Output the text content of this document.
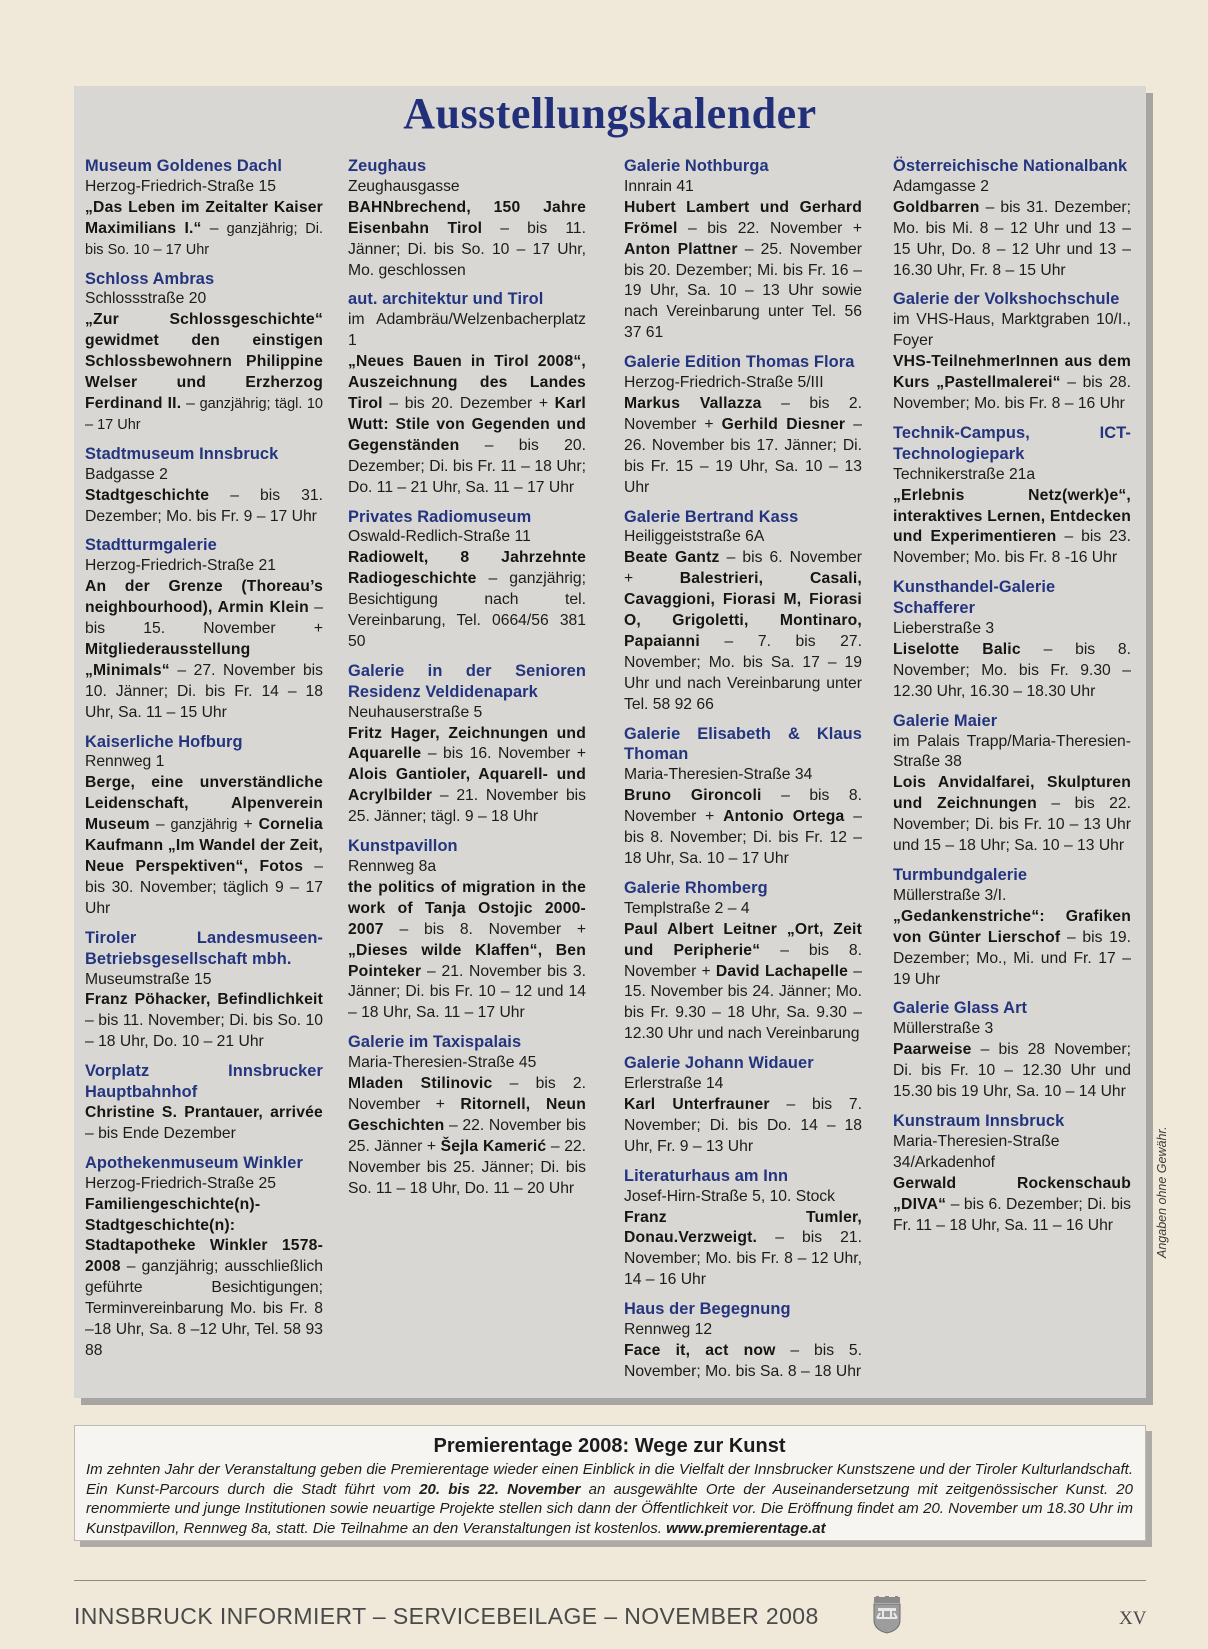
Ausstellungskalender
Museum Goldenes Dachl
Herzog-Friedrich-Straße 15
„Das Leben im Zeitalter Kaiser Maximilians I.“ – ganzjährig; Di. bis So. 10 – 17 Uhr
Schloss Ambras
Schlossstraße 20
„Zur Schlossgeschichte“ gewidmet den einstigen Schlossbewohnern Philippine Welser und Erzherzog Ferdinand II. – ganzjährig; tägl. 10 – 17 Uhr
Stadtmuseum Innsbruck
Badgasse 2
Stadtgeschichte – bis 31. Dezember; Mo. bis Fr. 9 – 17 Uhr
Stadtturmgalerie
Herzog-Friedrich-Straße 21
An der Grenze (Thoreau’s neighbourhood), Armin Klein – bis 15. November + Mitgliederausstellung „Minimals“ – 27. November bis 10. Jänner; Di. bis Fr. 14 – 18 Uhr, Sa. 11 – 15 Uhr
Kaiserliche Hofburg
Rennweg 1
Berge, eine unverständliche Leidenschaft, Alpenverein Museum – ganzjährig + Cornelia Kaufmann „Im Wandel der Zeit, Neue Perspektiven“, Fotos – bis 30. November; täglich 9 – 17 Uhr
Tiroler Landesmuseen-Betriebsgesellschaft mbh.
Museumstraße 15
Franz Pöhacker, Befindlichkeit – bis 11. November; Di. bis So. 10 – 18 Uhr, Do. 10 – 21 Uhr
Vorplatz Innsbrucker Hauptbahnhof
Christine S. Prantauer, arrivée – bis Ende Dezember
Apothekenmuseum Winkler
Herzog-Friedrich-Straße 25
Familiengeschichte(n)-Stadtgeschichte(n): Stadtapotheke Winkler 1578-2008 – ganzjährig; ausschließlich geführte Besichtigungen; Terminvereinbarung Mo. bis Fr. 8 –18 Uhr, Sa. 8 –12 Uhr, Tel. 58 93 88
Zeughaus
Zeughausgasse
BAHNbrechend, 150 Jahre Eisenbahn Tirol – bis 11. Jänner; Di. bis So. 10 – 17 Uhr, Mo. geschlossen
aut. architektur und Tirol
im Adambräu/Welzenbacherplatz 1
„Neues Bauen in Tirol 2008“, Auszeichnung des Landes Tirol – bis 20. Dezember + Karl Wutt: Stile von Gegenden und Gegenständen – bis 20. Dezember; Di. bis Fr. 11 – 18 Uhr; Do. 11 – 21 Uhr, Sa. 11 – 17 Uhr
Privates Radiomuseum
Oswald-Redlich-Straße 11
Radiowelt, 8 Jahrzehnte Radiogeschichte – ganzjährig; Besichtigung nach tel. Vereinbarung, Tel. 0664/56 381 50
Galerie in der Senioren Residenz Veldidenapark
Neuhauserstraße 5
Fritz Hager, Zeichnungen und Aquarelle – bis 16. November + Alois Gantioler, Aquarell- und Acrylbilder – 21. November bis 25. Jänner; tägl. 9 – 18 Uhr
Kunstpavillon
Rennweg 8a
the politics of migration in the work of Tanja Ostojic 2000-2007 – bis 8. November + „Dieses wilde Klaffen“, Ben Pointeker – 21. November bis 3. Jänner; Di. bis Fr. 10 – 12 und 14 – 18 Uhr, Sa. 11 – 17 Uhr
Galerie im Taxispalais
Maria-Theresien-Straße 45
Mladen Stilinovic – bis 2. November + Ritornell, Neun Geschichten – 22. November bis 25. Jänner + Šejla Kamerić – 22. November bis 25. Jänner; Di. bis So. 11 – 18 Uhr, Do. 11 – 20 Uhr
Galerie Nothburga
Innrain 41
Hubert Lambert und Gerhard Frömel – bis 22. November + Anton Plattner – 25. November bis 20. Dezember; Mi. bis Fr. 16 – 19 Uhr, Sa. 10 – 13 Uhr sowie nach Vereinbarung unter Tel. 56 37 61
Galerie Edition Thomas Flora
Herzog-Friedrich-Straße 5/III
Markus Vallazza – bis 2. November + Gerhild Diesner – 26. November bis 17. Jänner; Di. bis Fr. 15 – 19 Uhr, Sa. 10 – 13 Uhr
Galerie Bertrand Kass
Heiliggeiststraße 6A
Beate Gantz – bis 6. November + Balestrieri, Casali, Cavaggioni, Fiorasi M, Fiorasi O, Grigoletti, Montinaro, Papaianni – 7. bis 27. November; Mo. bis Sa. 17 – 19 Uhr und nach Vereinbarung unter Tel. 58 92 66
Galerie Elisabeth & Klaus Thoman
Maria-Theresien-Straße 34
Bruno Gironcoli – bis 8. November + Antonio Ortega – bis 8. November; Di. bis Fr. 12 – 18 Uhr, Sa. 10 – 17 Uhr
Galerie Rhomberg
Templstraße 2 – 4
Paul Albert Leitner „Ort, Zeit und Peripherie“ – bis 8. November + David Lachapelle – 15. November bis 24. Jänner; Mo. bis Fr. 9.30 – 18 Uhr, Sa. 9.30 – 12.30 Uhr und nach Vereinbarung
Galerie Johann Widauer
Erlerstraße 14
Karl Unterfrauner – bis 7. November; Di. bis Do. 14 – 18 Uhr, Fr. 9 – 13 Uhr
Literaturhaus am Inn
Josef-Hirn-Straße 5, 10. Stock
Franz Tumler, Donau.Verzweigt. – bis 21. November; Mo. bis Fr. 8 – 12 Uhr, 14 – 16 Uhr
Haus der Begegnung
Rennweg 12
Face it, act now – bis 5. November; Mo. bis Sa. 8 – 18 Uhr
Österreichische Nationalbank
Adamgasse 2
Goldbarren – bis 31. Dezember; Mo. bis Mi. 8 – 12 Uhr und 13 – 15 Uhr, Do. 8 – 12 Uhr und 13 – 16.30 Uhr, Fr. 8 – 15 Uhr
Galerie der Volkshochschule
im VHS-Haus, Marktgraben 10/I., Foyer
VHS-TeilnehmerInnen aus dem Kurs „Pastellmalerei“ – bis 28. November; Mo. bis Fr. 8 – 16 Uhr
Technik-Campus, ICT-Technologiepark
Technikerstraße 21a
„Erlebnis Netz(werk)e“, interaktives Lernen, Entdecken und Experimentieren – bis 23. November; Mo. bis Fr. 8 -16 Uhr
Kunsthandel-Galerie Schafferer
Lieberstraße 3
Liselotte Balic – bis 8. November; Mo. bis Fr. 9.30 – 12.30 Uhr, 16.30 – 18.30 Uhr
Galerie Maier
im Palais Trapp/Maria-Theresien-Straße 38
Lois Anvidalfarei, Skulpturen und Zeichnungen – bis 22. November; Di. bis Fr. 10 – 13 Uhr und 15 – 18 Uhr; Sa. 10 – 13 Uhr
Turmbundgalerie
Müllerstraße 3/I.
„Gedankenstriche“: Grafiken von Günter Lierschof – bis 19. Dezember; Mo., Mi. und Fr. 17 – 19 Uhr
Galerie Glass Art
Müllerstraße 3
Paarweise – bis 28 November; Di. bis Fr. 10 – 12.30 Uhr und 15.30 bis 19 Uhr, Sa. 10 – 14 Uhr
Kunstraum Innsbruck
Maria-Theresien-Straße 34/Arkadenhof
Gerwald Rockenschaub „DIVA“ – bis 6. Dezember; Di. bis Fr. 11 – 18 Uhr, Sa. 11 – 16 Uhr	Angaben ohne Gewähr.
Premierentage 2008: Wege zur Kunst
Im zehnten Jahr der Veranstaltung geben die Premierentage wieder einen Einblick in die Vielfalt der Innsbrucker Kunstszene und der Tiroler Kulturlandschaft. Ein Kunst-Parcours durch die Stadt führt vom 20. bis 22. November an ausgewählte Orte der Auseinandersetzung mit zeitgenössischer Kunst. 20 renommierte und junge Institutionen sowie neuartige Projekte stellen sich dann der Öffentlichkeit vor. Die Eröffnung findet am 20. November um 18.30 Uhr im Kunstpavillon, Rennweg 8a, statt. Die Teilnahme an den Veranstaltungen ist kostenlos. www.premierentage.at
INNSBRUCK INFORMIERT – SERVICEBEILAGE – NOVEMBER 2008	XV
